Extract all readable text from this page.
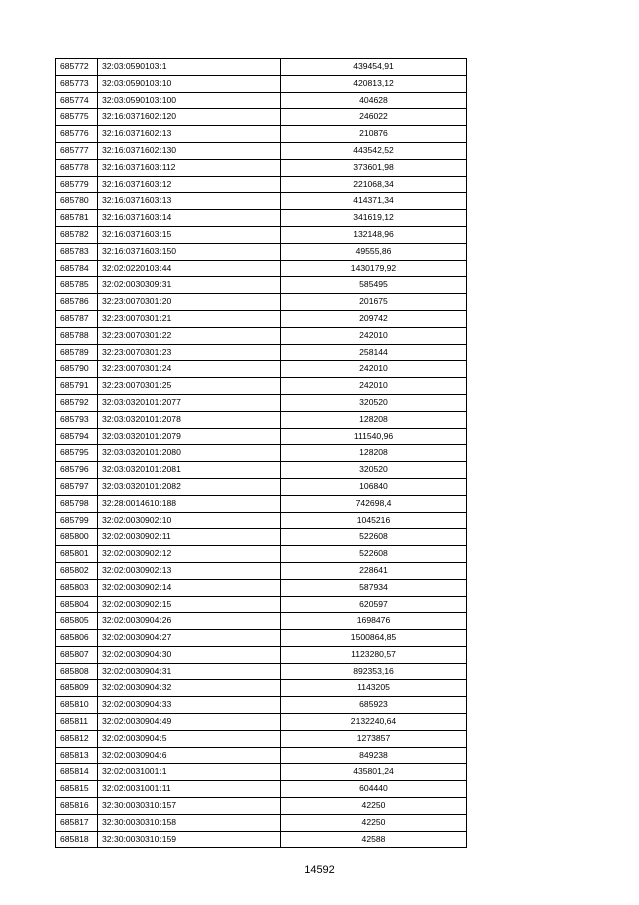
685772	32:03:0590103:1	439454,91
685773	32:03:0590103:10	420813,12
685774	32:03:0590103:100	404628
685775	32:16:0371602:120	246022
685776	32:16:0371602:13	210876
685777	32:16:0371602:130	443542,52
685778	32:16:0371603:112	373601,98
685779	32:16:0371603:12	221068,34
685780	32:16:0371603:13	414371,34
685781	32:16:0371603:14	341619,12
685782	32:16:0371603:15	132148,96
685783	32:16:0371603:150	49555,86
685784	32:02:0220103:44	1430179,92
685785	32:02:0030309:31	585495
685786	32:23:0070301:20	201675
685787	32:23:0070301:21	209742
685788	32:23:0070301:22	242010
685789	32:23:0070301:23	258144
685790	32:23:0070301:24	242010
685791	32:23:0070301:25	242010
685792	32:03:0320101:2077	320520
685793	32:03:0320101:2078	128208
685794	32:03:0320101:2079	111540,96
685795	32:03:0320101:2080	128208
685796	32:03:0320101:2081	320520
685797	32:03:0320101:2082	106840
685798	32:28:0014610:188	742698,4
685799	32:02:0030902:10	1045216
685800	32:02:0030902:11	522608
685801	32:02:0030902:12	522608
685802	32:02:0030902:13	228641
685803	32:02:0030902:14	587934
685804	32:02:0030902:15	620597
685805	32:02:0030904:26	1698476
685806	32:02:0030904:27	1500864,85
685807	32:02:0030904:30	1123280,57
685808	32:02:0030904:31	892353,16
685809	32:02:0030904:32	1143205
685810	32:02:0030904:33	685923
685811	32:02:0030904:49	2132240,64
685812	32:02:0030904:5	1273857
685813	32:02:0030904:6	849238
685814	32:02:0031001:1	435801,24
685815	32:02:0031001:11	604440
685816	32:30:0030310:157	42250
685817	32:30:0030310:158	42250
685818	32:30:0030310:159	42588
14592
